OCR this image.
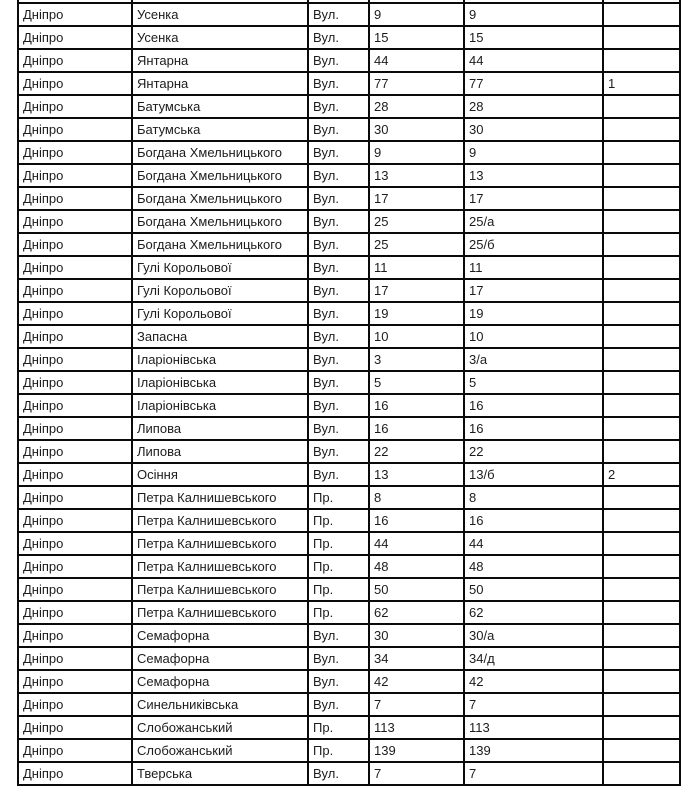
Дніпро	Усенка	Вул.	9	9	
Дніпро	Усенка	Вул.	15	15	
Дніпро	Янтарна	Вул.	44	44	
Дніпро	Янтарна	Вул.	77	77	1
Дніпро	Батумська	Вул.	28	28	
Дніпро	Батумська	Вул.	30	30	
Дніпро	Богдана Хмельницького	Вул.	9	9	
Дніпро	Богдана Хмельницького	Вул.	13	13	
Дніпро	Богдана Хмельницького	Вул.	17	17	
Дніпро	Богдана Хмельницького	Вул.	25	25/а	
Дніпро	Богдана Хмельницького	Вул.	25	25/б	
Дніпро	Гулі Корольової	Вул.	11	11	
Дніпро	Гулі Корольової	Вул.	17	17	
Дніпро	Гулі Корольової	Вул.	19	19	
Дніпро	Запасна	Вул.	10	10	
Дніпро	Іларіонівська	Вул.	3	3/а	
Дніпро	Іларіонівська	Вул.	5	5	
Дніпро	Іларіонівська	Вул.	16	16	
Дніпро	Липова	Вул.	16	16	
Дніпро	Липова	Вул.	22	22	
Дніпро	Осіння	Вул.	13	13/б	2
Дніпро	Петра Калнишевського	Пр.	8	8	
Дніпро	Петра Калнишевського	Пр.	16	16	
Дніпро	Петра Калнишевського	Пр.	44	44	
Дніпро	Петра Калнишевського	Пр.	48	48	
Дніпро	Петра Калнишевського	Пр.	50	50	
Дніпро	Петра Калнишевського	Пр.	62	62	
Дніпро	Семафорна	Вул.	30	30/а	
Дніпро	Семафорна	Вул.	34	34/д	
Дніпро	Семафорна	Вул.	42	42	
Дніпро	Синельниківська	Вул.	7	7	
Дніпро	Слобожанський	Пр.	113	113	
Дніпро	Слобожанський	Пр.	139	139	
Дніпро	Тверська	Вул.	7	7	
